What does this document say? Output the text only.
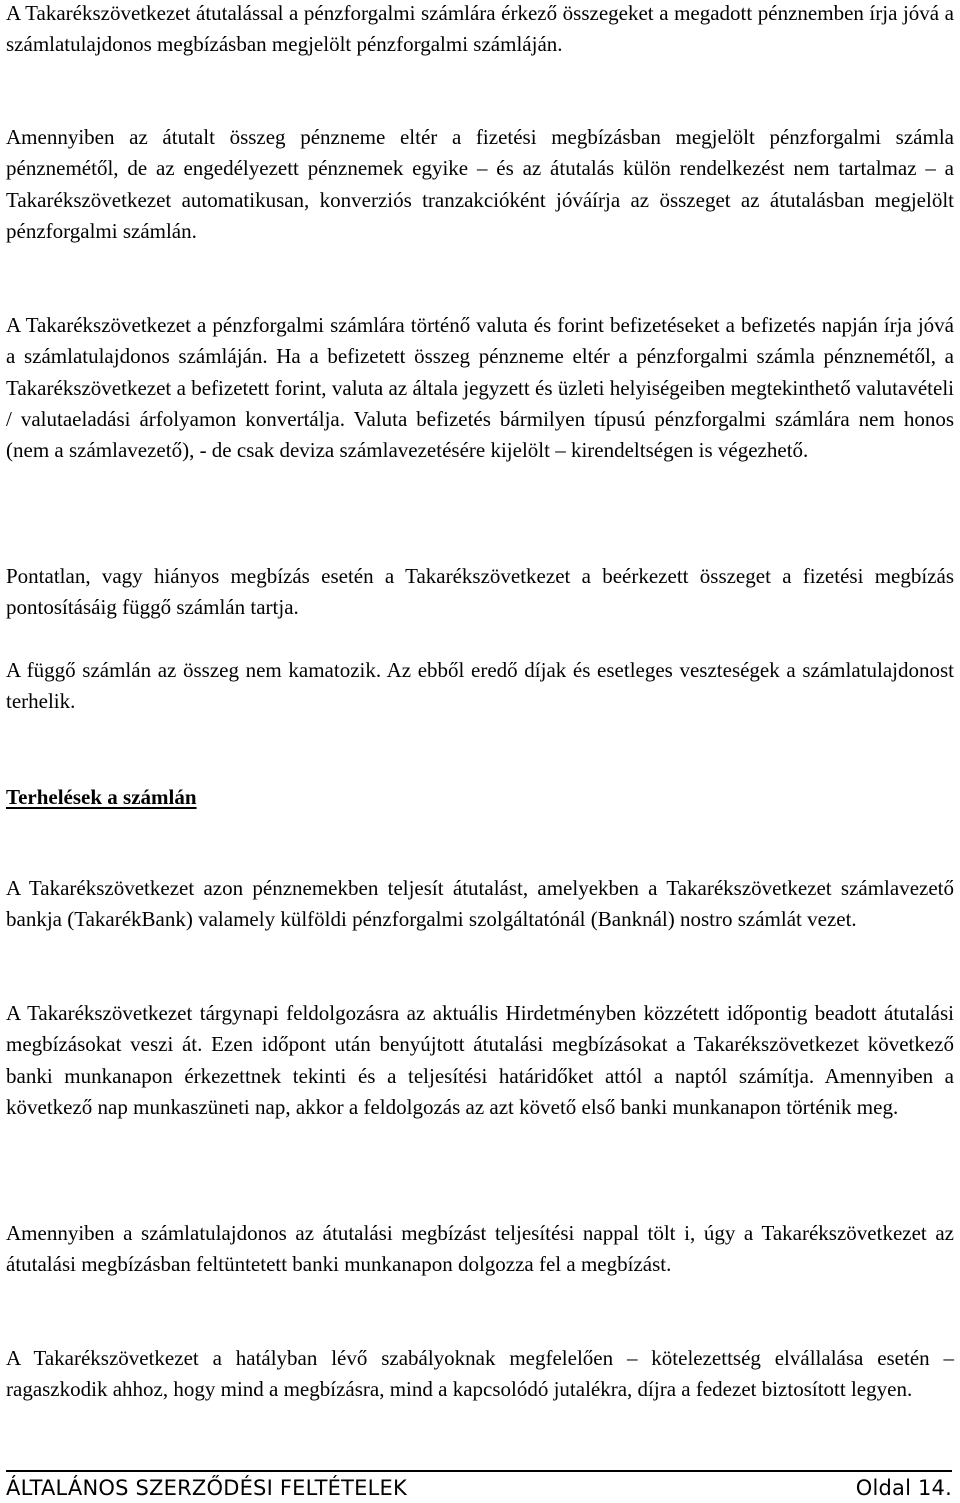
A Takarékszövetkezet átutalással a pénzforgalmi számlára érkező összegeket a megadott pénznemben írja jóvá a számlatulajdonos megbízásban megjelölt pénzforgalmi számláján.

Amennyiben az átutalt összeg pénzneme eltér a fizetési megbízásban megjelölt pénzforgalmi számla pénznemétől, de az engedélyezett pénznemek egyike – és az átutalás külön rendelkezést nem tartalmaz – a Takarékszövetkezet automatikusan, konverziós tranzakcióként jóváírja az összeget az átutalásban megjelölt pénzforgalmi számlán.

A Takarékszövetkezet a pénzforgalmi számlára történő valuta és forint befizetéseket a befizetés napján írja jóvá a számlatulajdonos számláján. Ha a befizetett összeg pénzneme eltér a pénzforgalmi számla pénznemétől, a Takarékszövetkezet a befizetett forint, valuta az általa jegyzett és üzleti helyiségeiben megtekinthető valutavételi / valutaeladási árfolyamon konvertálja. Valuta befizetés bármilyen típusú pénzforgalmi számlára nem honos (nem a számlavezető), - de csak deviza számlavezetésére kijelölt – kirendeltségen is végezhető.

Pontatlan, vagy hiányos megbízás esetén a Takarékszövetkezet a beérkezett összeget a fizetési megbízás pontosításáig függő számlán tartja.

A függő számlán az összeg nem kamatozik. Az ebből eredő díjak és esetleges veszteségek a számlatulajdonost terhelik.

Terhelések a számlán

A Takarékszövetkezet azon pénznemekben teljesít átutalást, amelyekben a Takarékszövetkezet számlavezető bankja (TakarékBank) valamely külföldi pénzforgalmi szolgáltatónál (Banknál) nostro számlát vezet.

A Takarékszövetkezet tárgynapi feldolgozásra az aktuális Hirdetményben közzétett időpontig beadott átutalási megbízásokat veszi át. Ezen időpont után benyújtott átutalási megbízásokat a Takarékszövetkezet következő banki munkanapon érkezettnek tekinti és a teljesítési határidőket attól a naptól számítja. Amennyiben a következő nap munkaszüneti nap, akkor a feldolgozás az azt követő első banki munkanapon történik meg.

Amennyiben a számlatulajdonos az átutalási megbízást teljesítési nappal tölt i, úgy a Takarékszövetkezet az átutalási megbízásban feltüntetett banki munkanapon dolgozza fel a megbízást.

A Takarékszövetkezet a hatályban lévő szabályoknak megfelelően – kötelezettség elvállalása esetén – ragaszkodik ahhoz, hogy mind a megbízásra, mind a kapcsolódó jutalékra, díjra a fedezet biztosított legyen.

ÁLTALÁNOS SZERZŐDÉSI FELTÉTELEK	Oldal 14.
